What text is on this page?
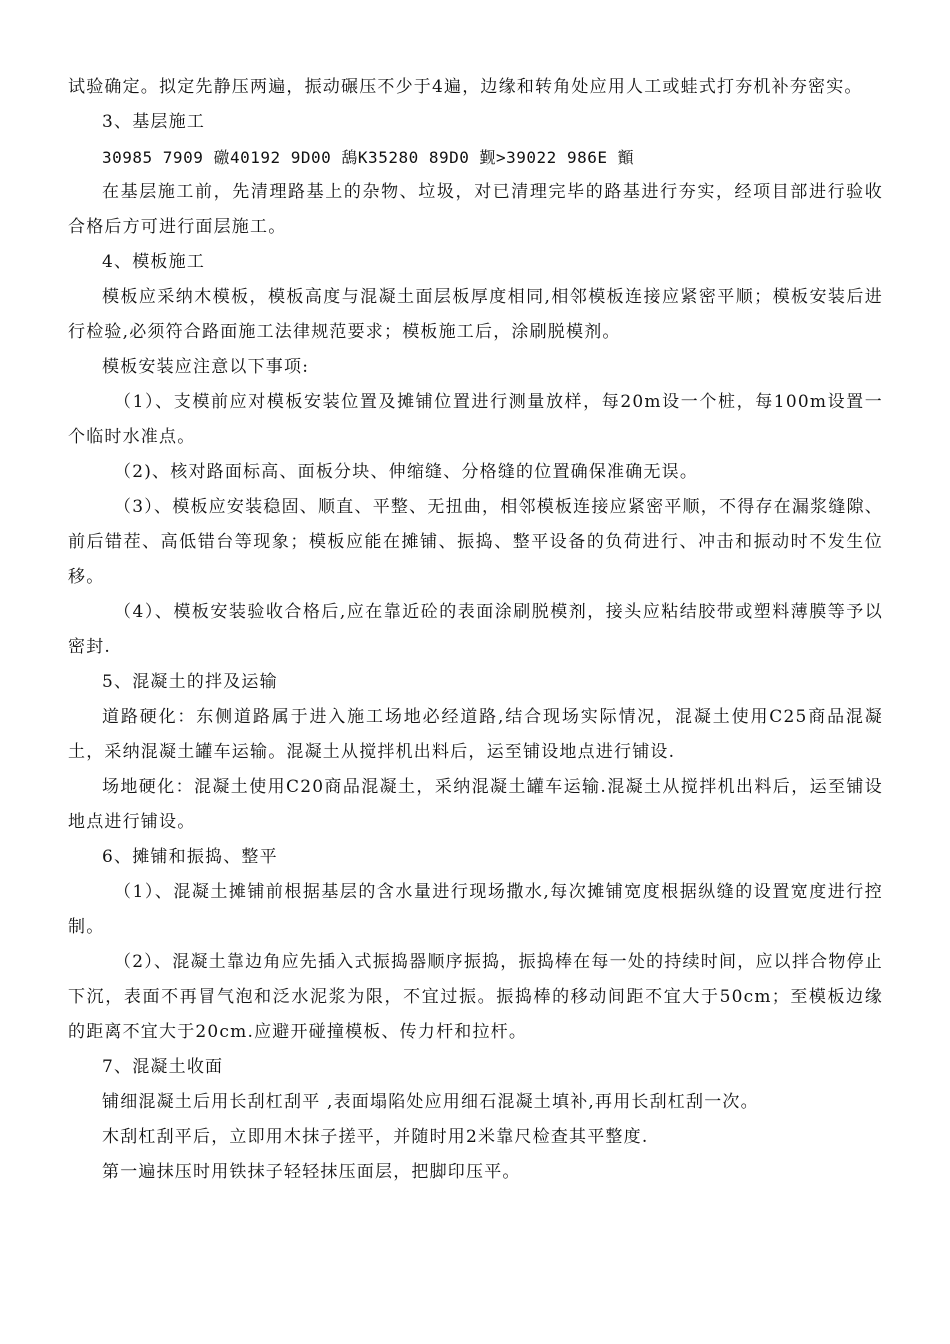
试验确定。拟定先静压两遍，振动碾压不少于4遍，边缘和转角处应用人工或蛙式打夯机补夯密实。

3、基层施工

30985 7909 礉40192 9D00 鴰K35280 89D0 觐>39022 986E 顮

在基层施工前，先清理路基上的杂物、垃圾，对已清理完毕的路基进行夯实，经项目部进行验收合格后方可进行面层施工。

4、模板施工

模板应采纳木模板，模板高度与混凝土面层板厚度相同,相邻模板连接应紧密平顺；模板安装后进行检验,必须符合路面施工法律规范要求；模板施工后，涂刷脱模剂。

模板安装应注意以下事项:

（1）、支模前应对模板安装位置及摊铺位置进行测量放样，每20m设一个桩，每100m设置一个临时水准点。

（2)、核对路面标高、面板分块、伸缩缝、分格缝的位置确保准确无误。

（3）、模板应安装稳固、顺直、平整、无扭曲，相邻模板连接应紧密平顺，不得存在漏浆缝隙、前后错茬、高低错台等现象；模板应能在摊铺、振捣、整平设备的负荷进行、冲击和振动时不发生位移。

（4）、模板安装验收合格后,应在靠近砼的表面涂刷脱模剂，接头应粘结胶带或塑料薄膜等予以密封.

5、混凝土的拌及运输

道路硬化：东侧道路属于进入施工场地必经道路,结合现场实际情况，混凝土使用C25商品混凝土，采纳混凝土罐车运输。混凝土从搅拌机出料后，运至铺设地点进行铺设.

场地硬化：混凝土使用C20商品混凝土，采纳混凝土罐车运输.混凝土从搅拌机出料后，运至铺设地点进行铺设。

6、摊铺和振捣、整平

（1）、混凝土摊铺前根据基层的含水量进行现场撒水,每次摊铺宽度根据纵缝的设置宽度进行控制。

（2）、混凝土靠边角应先插入式振捣器顺序振捣，振捣棒在每一处的持续时间，应以拌合物停止下沉，表面不再冒气泡和泛水泥浆为限，不宜过振。振捣棒的移动间距不宜大于50cm；至模板边缘的距离不宜大于20cm.应避开碰撞模板、传力杆和拉杆。

7、混凝土收面

铺细混凝土后用长刮杠刮平 ,表面塌陷处应用细石混凝土填补,再用长刮杠刮一次。

木刮杠刮平后，立即用木抹子搓平，并随时用2米靠尺检查其平整度.

第一遍抹压时用铁抹子轻轻抹压面层，把脚印压平。
